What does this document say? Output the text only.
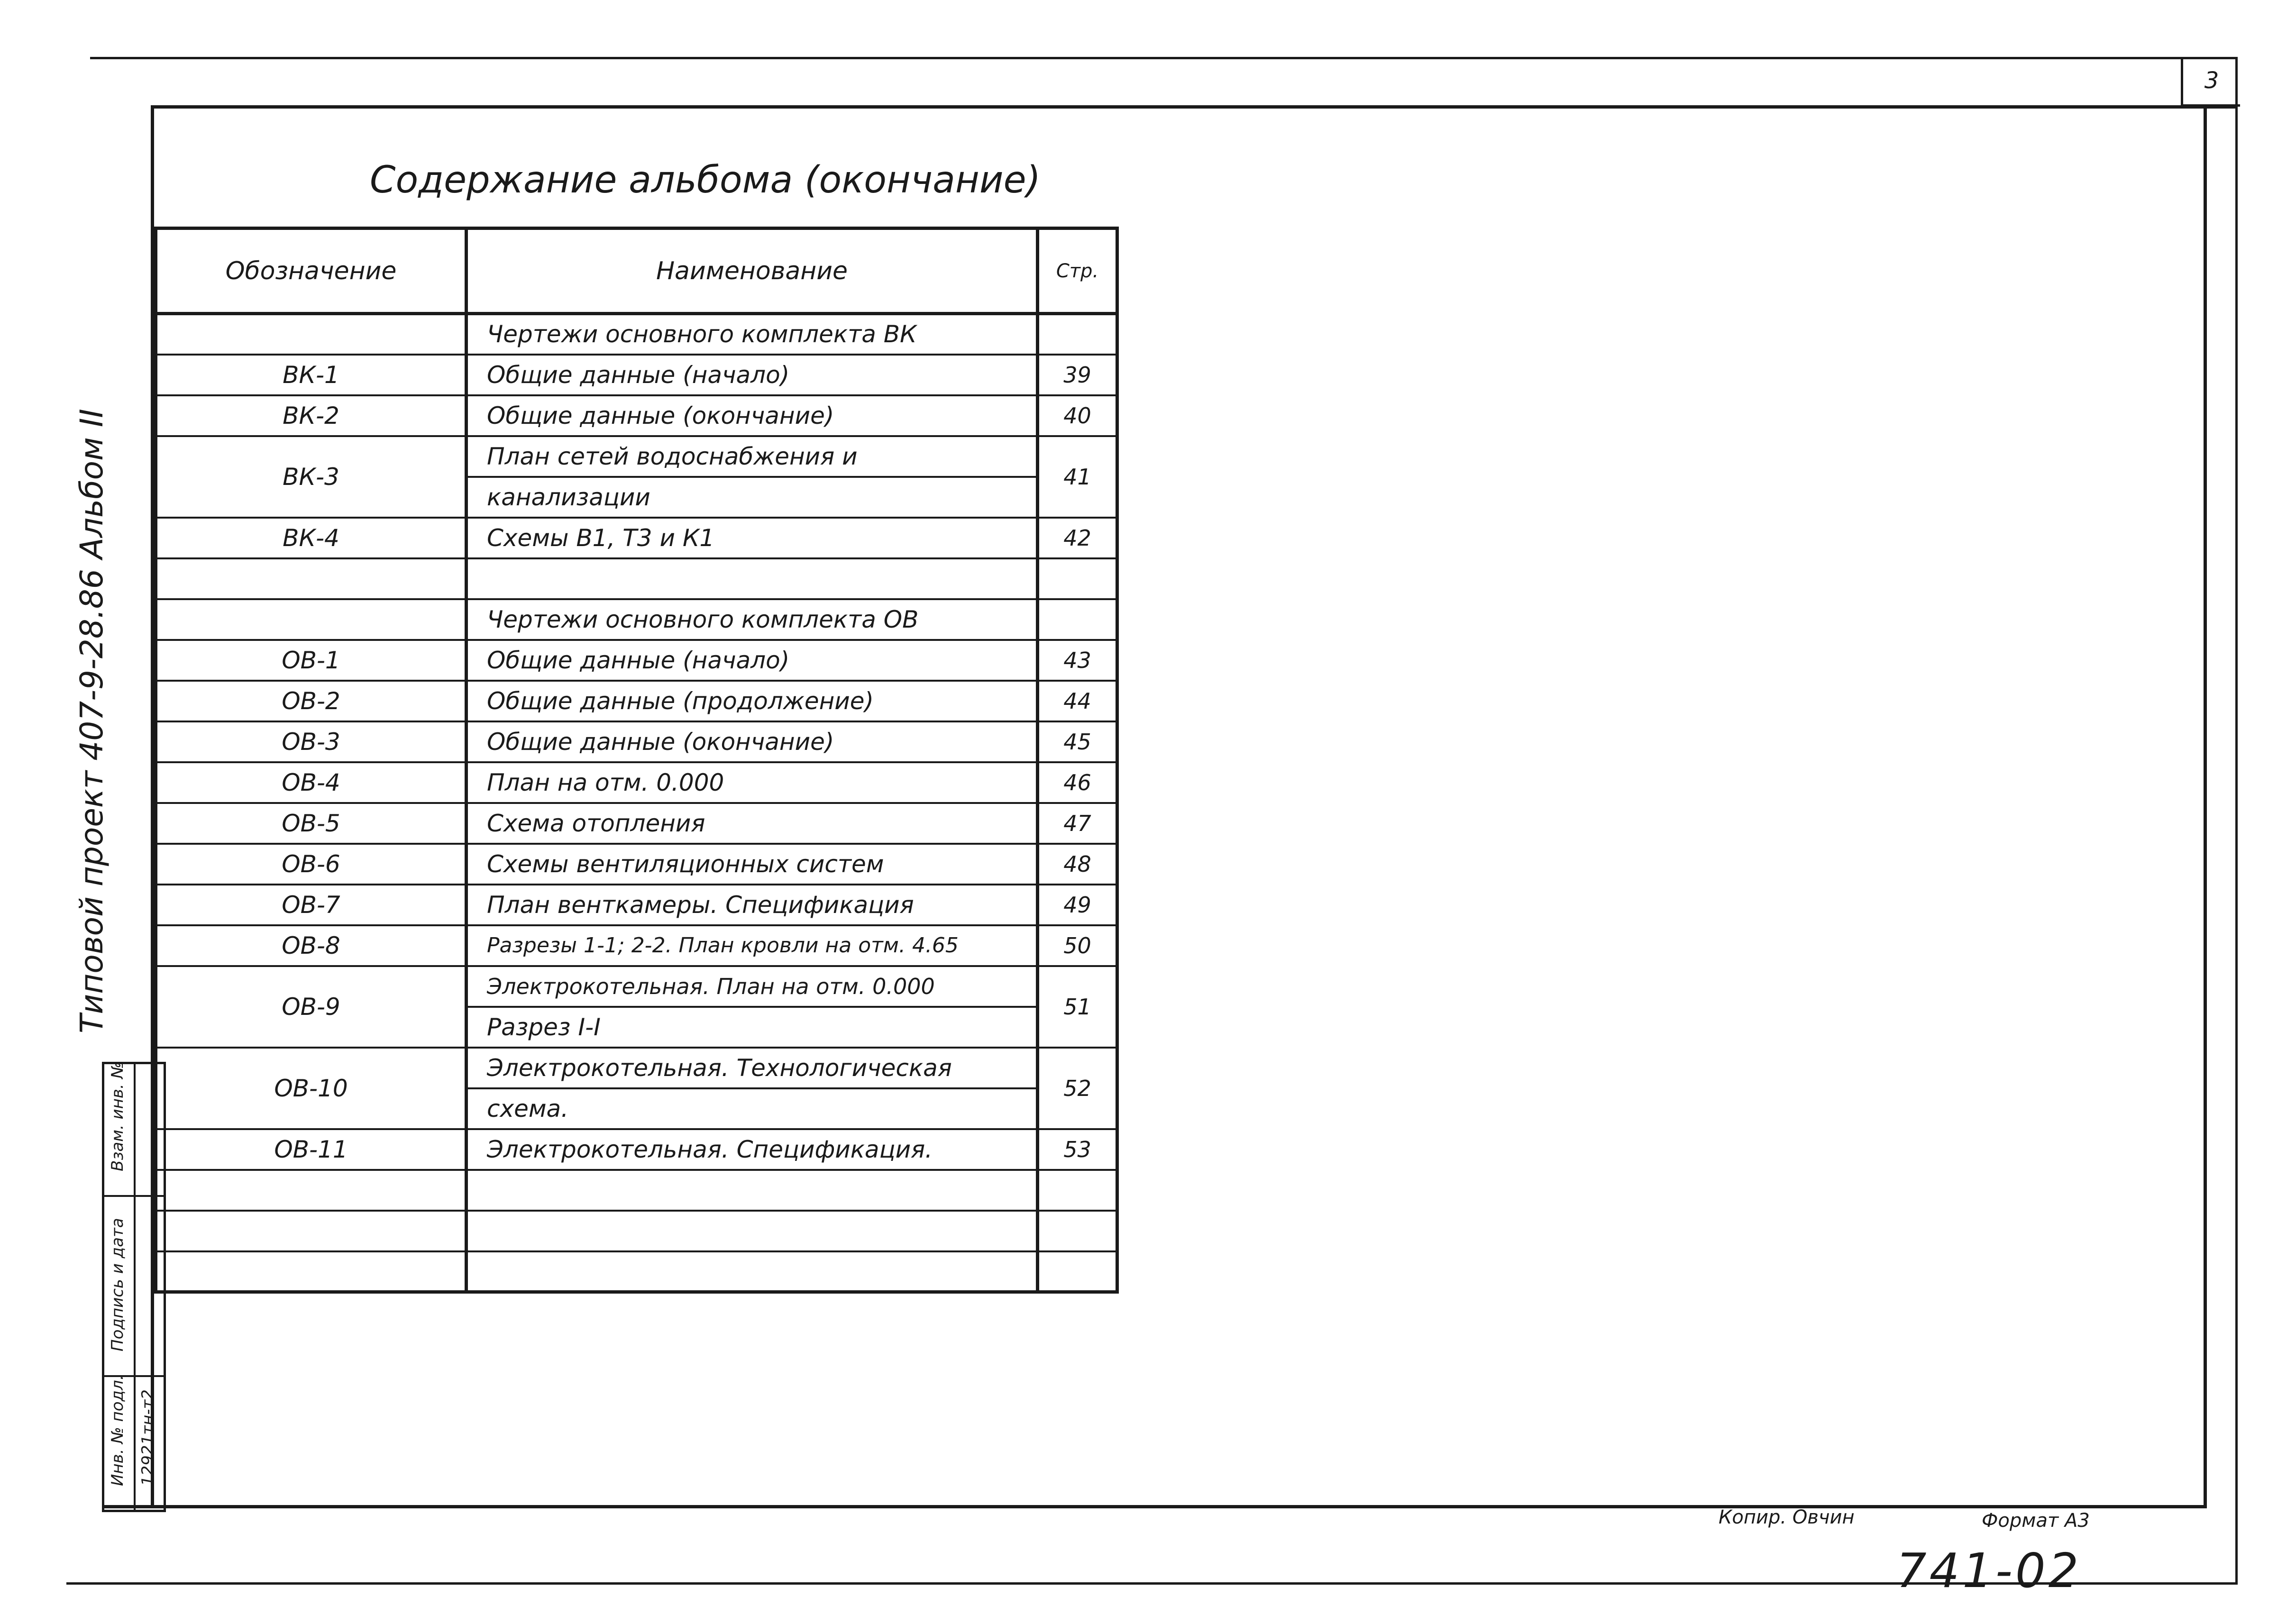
3
Содержание альбома (окончание)
Обозначение	Наименование	Стр.
	Чертежи основного комплекта ВК	
ВК-1	Общие данные (начало)	39
ВК-2	Общие данные (окончание)	40
ВК-3	План сетей водоснабжения и	41
	канализации	
ВК-4	Схемы В1, Т3 и К1	42

	Чертежи основного комплекта ОВ	
ОВ-1	Общие данные (начало)	43
ОВ-2	Общие данные (продолжение)	44
ОВ-3	Общие данные (окончание)	45
ОВ-4	План на отм. 0.000	46
ОВ-5	Схема отопления	47
ОВ-6	Схемы вентиляционных систем	48
ОВ-7	План венткамеры. Спецификация	49
ОВ-8	Разрезы 1-1; 2-2. План кровли на отм. 4.65	50
ОВ-9	Электрокотельная. План на отм. 0.000	51
	Разрез I-I	
ОВ-10	Электрокотельная. Технологическая	52
	схема.	
ОВ-11	Электрокотельная. Спецификация.	53

Типовой проект 407-9-28.86 Альбом II
Взам. инв. №
Подпись и дата
Инв. № подл. 12921тн-т2
Копир. Овчин	Формат А3
741-02
